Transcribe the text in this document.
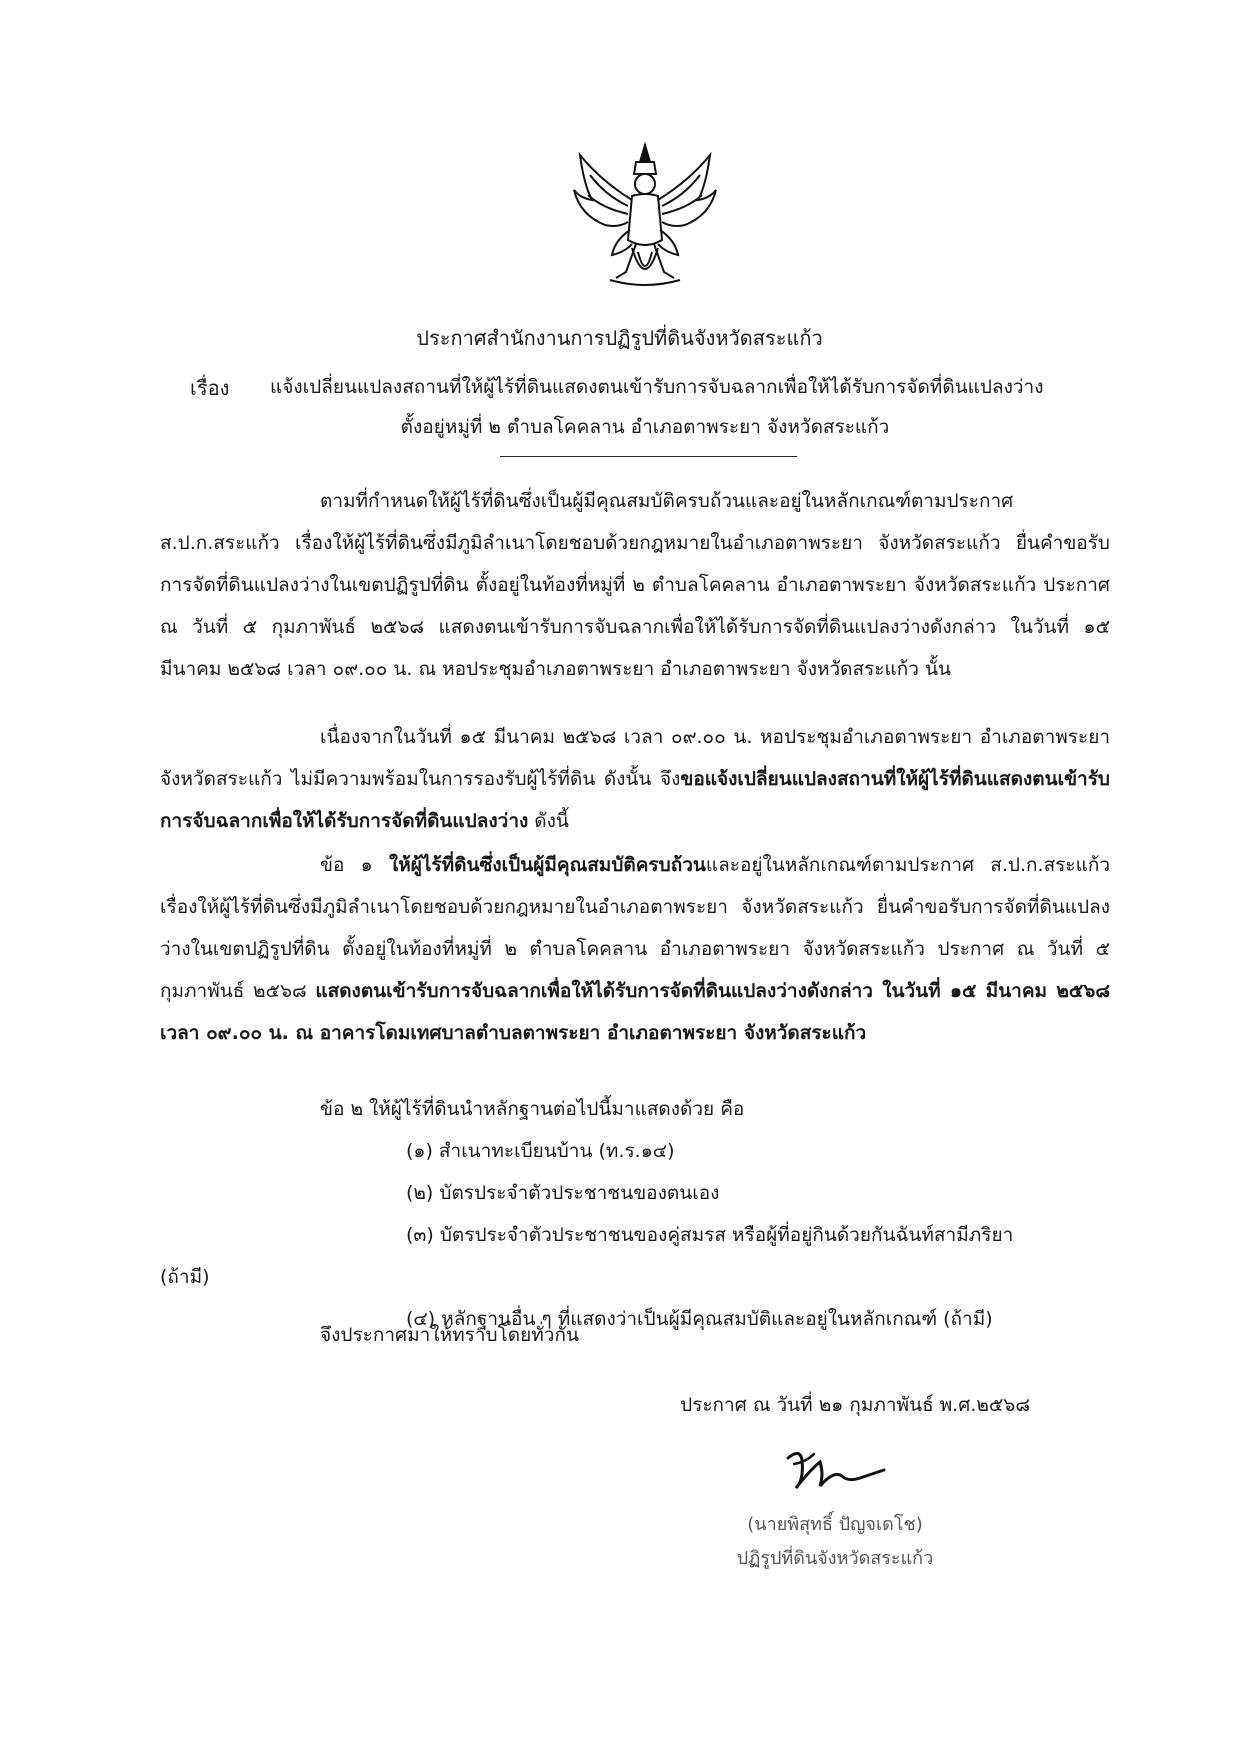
ประกาศสำนักงานการปฏิรูปที่ดินจังหวัดสระแก้ว
เรื่อง แจ้งเปลี่ยนแปลงสถานที่ให้ผู้ไร้ที่ดินแสดงตนเข้ารับการจับฉลากเพื่อให้ได้รับการจัดที่ดินแปลงว่าง
ตั้งอยู่หมู่ที่ ๒ ตำบลโคคลาน อำเภอตาพระยา จังหวัดสระแก้ว
ตามที่กำหนดให้ผู้ไร้ที่ดินซึ่งเป็นผู้มีคุณสมบัติครบถ้วนและอยู่ในหลักเกณฑ์ตามประกาศ ส.ป.ก.สระแก้ว เรื่องให้ผู้ไร้ที่ดินซึ่งมีภูมิลำเนาโดยชอบด้วยกฎหมายในอำเภอตาพระยา จังหวัดสระแก้ว ยื่นคำขอรับการจัดที่ดินแปลงว่างในเขตปฏิรูปที่ดิน ตั้งอยู่ในท้องที่หมู่ที่ ๒ ตำบลโคคลาน อำเภอตาพระยา จังหวัดสระแก้ว ประกาศ ณ วันที่ ๕ กุมภาพันธ์ ๒๕๖๘ แสดงตนเข้ารับการจับฉลากเพื่อให้ได้รับการจัดที่ดินแปลงว่างดังกล่าว ในวันที่ ๑๕ มีนาคม ๒๕๖๘ เวลา ๐๙.๐๐ น. ณ หอประชุมอำเภอตาพระยา อำเภอตาพระยา จังหวัดสระแก้ว นั้น
เนื่องจากในวันที่ ๑๕ มีนาคม ๒๕๖๘ เวลา ๐๙.๐๐ น. หอประชุมอำเภอตาพระยา อำเภอตาพระยา จังหวัดสระแก้ว ไม่มีความพร้อมในการรองรับผู้ไร้ที่ดิน ดังนั้น จึงขอแจ้งเปลี่ยนแปลงสถานที่ให้ผู้ไร้ที่ดินแสดงตนเข้ารับการจับฉลากเพื่อให้ได้รับการจัดที่ดินแปลงว่าง ดังนี้
ข้อ ๑ ให้ผู้ไร้ที่ดินซึ่งเป็นผู้มีคุณสมบัติครบถ้วนและอยู่ในหลักเกณฑ์ตามประกาศ ส.ป.ก.สระแก้ว เรื่องให้ผู้ไร้ที่ดินซึ่งมีภูมิลำเนาโดยชอบด้วยกฎหมายในอำเภอตาพระยา จังหวัดสระแก้ว ยื่นคำขอรับการจัดที่ดินแปลงว่างในเขตปฏิรูปที่ดิน ตั้งอยู่ในท้องที่หมู่ที่ ๒ ตำบลโคคลาน อำเภอตาพระยา จังหวัดสระแก้ว ประกาศ ณ วันที่ ๕ กุมภาพันธ์ ๒๕๖๘ แสดงตนเข้ารับการจับฉลากเพื่อให้ได้รับการจัดที่ดินแปลงว่างดังกล่าว ในวันที่ ๑๕ มีนาคม ๒๕๖๘ เวลา ๐๙.๐๐ น. ณ อาคารโดมเทศบาลตำบลตาพระยา อำเภอตาพระยา จังหวัดสระแก้ว
ข้อ ๒ ให้ผู้ไร้ที่ดินนำหลักฐานต่อไปนี้มาแสดงด้วย คือ
(๑) สำเนาทะเบียนบ้าน (ท.ร.๑๔)
(๒) บัตรประจำตัวประชาชนของตนเอง
(๓) บัตรประจำตัวประชาชนของคู่สมรส หรือผู้ที่อยู่กินด้วยกันฉันท์สามีภริยา
(ถ้ามี)
(๔) หลักฐานอื่น ๆ ที่แสดงว่าเป็นผู้มีคุณสมบัติและอยู่ในหลักเกณฑ์ (ถ้ามี)
จึงประกาศมาให้ทราบโดยทั่วกัน
ประกาศ ณ วันที่ ๒๑ กุมภาพันธ์ พ.ศ.๒๕๖๘
(นายพิสุทธิ์ ปัญจเดโช)
ปฏิรูปที่ดินจังหวัดสระแก้ว
